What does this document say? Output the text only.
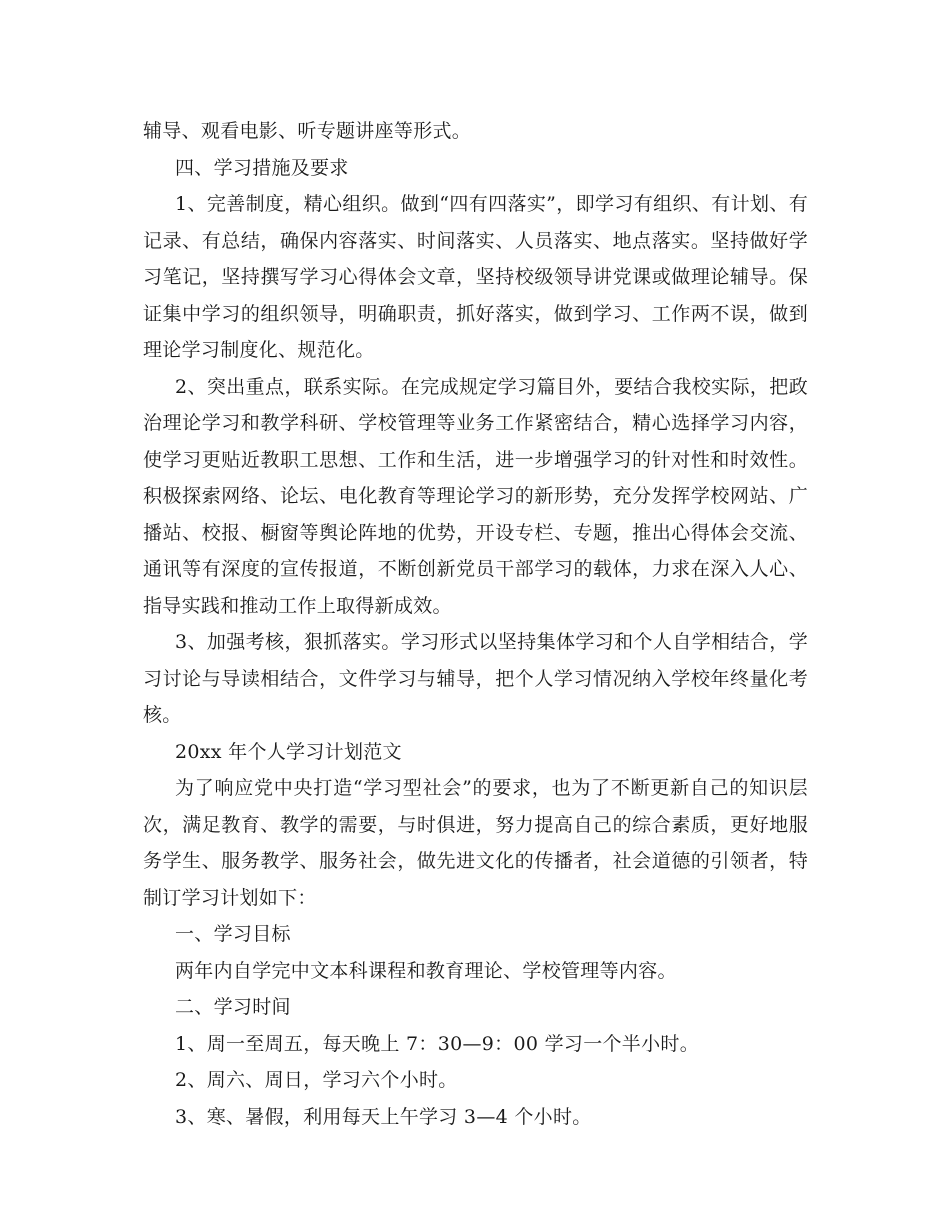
辅导、观看电影、听专题讲座等形式。

四、学习措施及要求

1、完善制度，精心组织。做到“四有四落实”，即学习有组织、有计划、有记录、有总结，确保内容落实、时间落实、人员落实、地点落实。坚持做好学习笔记，坚持撰写学习心得体会文章，坚持校级领导讲党课或做理论辅导。保证集中学习的组织领导，明确职责，抓好落实，做到学习、工作两不误，做到理论学习制度化、规范化。

2、突出重点，联系实际。在完成规定学习篇目外，要结合我校实际，把政治理论学习和教学科研、学校管理等业务工作紧密结合，精心选择学习内容，使学习更贴近教职工思想、工作和生活，进一步增强学习的针对性和时效性。积极探索网络、论坛、电化教育等理论学习的新形势，充分发挥学校网站、广播站、校报、橱窗等舆论阵地的优势，开设专栏、专题，推出心得体会交流、通讯等有深度的宣传报道，不断创新党员干部学习的载体，力求在深入人心、指导实践和推动工作上取得新成效。

3、加强考核，狠抓落实。学习形式以坚持集体学习和个人自学相结合，学习讨论与导读相结合，文件学习与辅导，把个人学习情况纳入学校年终量化考核。

20xx 年个人学习计划范文

为了响应党中央打造“学习型社会”的要求，也为了不断更新自己的知识层次，满足教育、教学的需要，与时俱进，努力提高自己的综合素质，更好地服务学生、服务教学、服务社会，做先进文化的传播者，社会道德的引领者，特制订学习计划如下：

一、学习目标

两年内自学完中文本科课程和教育理论、学校管理等内容。

二、学习时间

1、周一至周五，每天晚上 7：30—9：00 学习一个半小时。

2、周六、周日，学习六个小时。

3、寒、暑假，利用每天上午学习 3—4 个小时。
